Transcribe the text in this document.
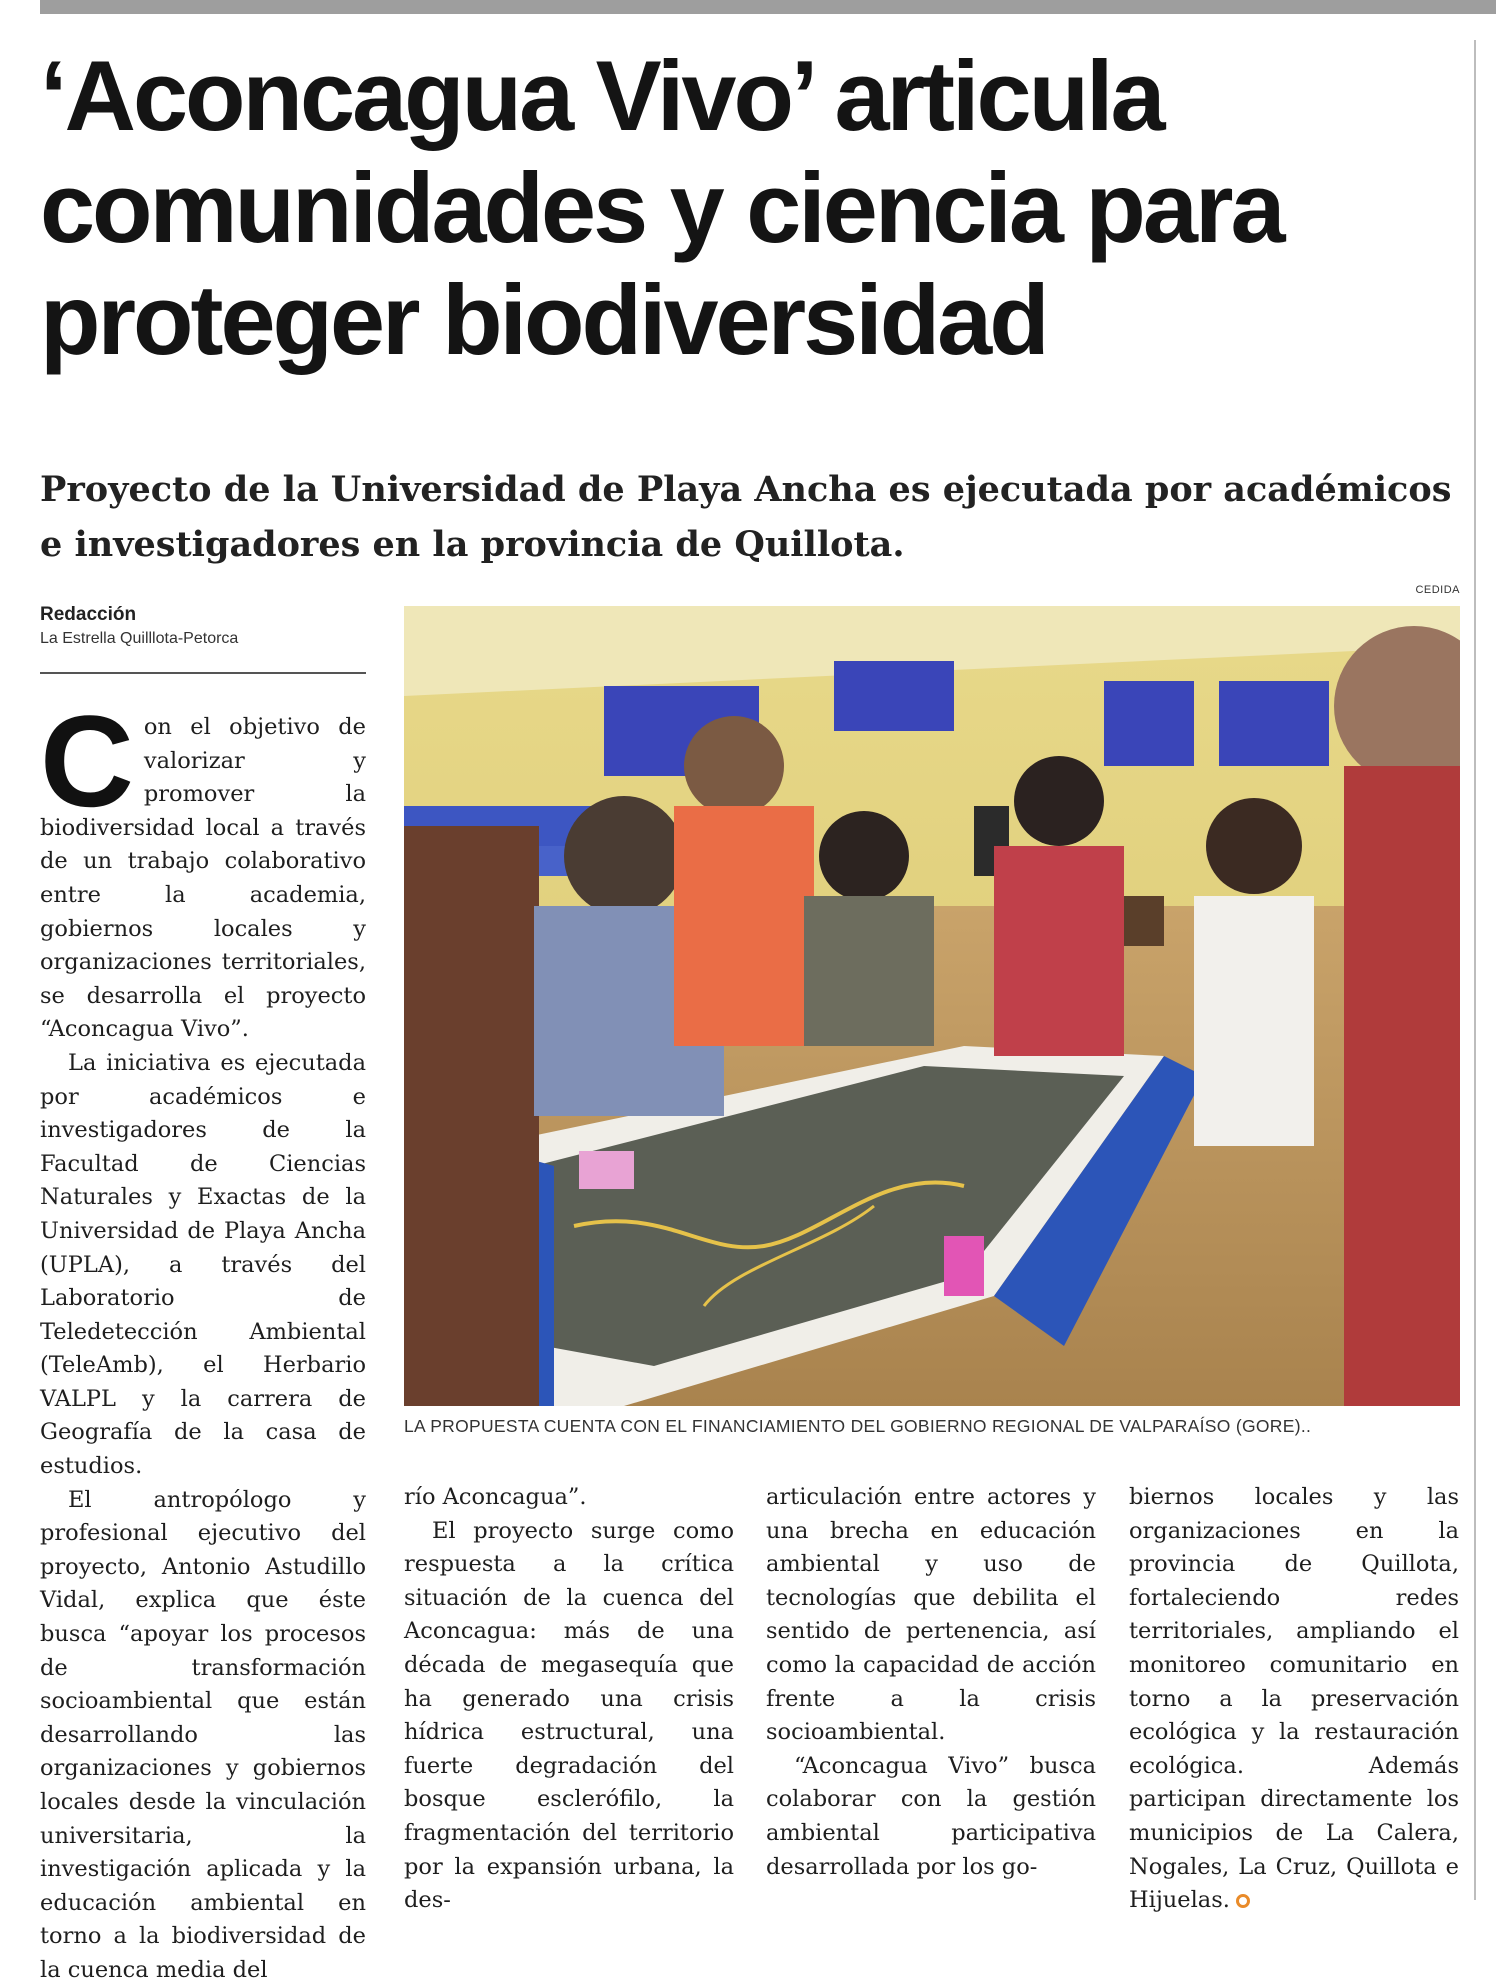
‘Aconcagua Vivo’ articula comunidades y ciencia para proteger biodiversidad
Proyecto de la Universidad de Playa Ancha es ejecutada por académicos e investigadores en la provincia de Quillota.
Redacción
La Estrella Quilllota-Petorca

Con el objetivo de valorizar y promover la biodiversidad local a través de un trabajo colaborativo entre la academia, gobiernos locales y organizaciones territoriales, se desarrolla el proyecto “Aconcagua Vivo”.

La iniciativa es ejecutada por académicos e investigadores de la Facultad de Ciencias Naturales y Exactas de la Universidad de Playa Ancha (UPLA), a través del Laboratorio de Teledetección Ambiental (TeleAmb), el Herbario VALPL y la carrera de Geografía de la casa de estudios.

El antropólogo y profesional ejecutivo del proyecto, Antonio Astudillo Vidal, explica que éste busca “apoyar los procesos de transformación socioambiental que están desarrollando las organizaciones y gobiernos locales desde la vinculación universitaria, la investigación aplicada y la educación ambiental en torno a la biodiversidad de la cuenca media del

CEDIDA
LA PROPUESTA CUENTA CON EL FINANCIAMIENTO DEL GOBIERNO REGIONAL DE VALPARAÍSO (GORE)..

río Aconcagua”.

El proyecto surge como respuesta a la crítica situación de la cuenca del Aconcagua: más de una década de megasequía que ha generado una crisis hídrica estructural, una fuerte degradación del bosque esclerófilo, la fragmentación del territorio por la expansión urbana, la des-

articulación entre actores y una brecha en educación ambiental y uso de tecnologías que debilita el sentido de pertenencia, así como la capacidad de acción frente a la crisis socioambiental.

“Aconcagua Vivo” busca colaborar con la gestión ambiental participativa desarrollada por los go-

biernos locales y las organizaciones en la provincia de Quillota, fortaleciendo redes territoriales, ampliando el monitoreo comunitario en torno a la preservación ecológica y la restauración ecológica. Además participan directamente los municipios de La Calera, Nogales, La Cruz, Quillota e Hijuelas.
